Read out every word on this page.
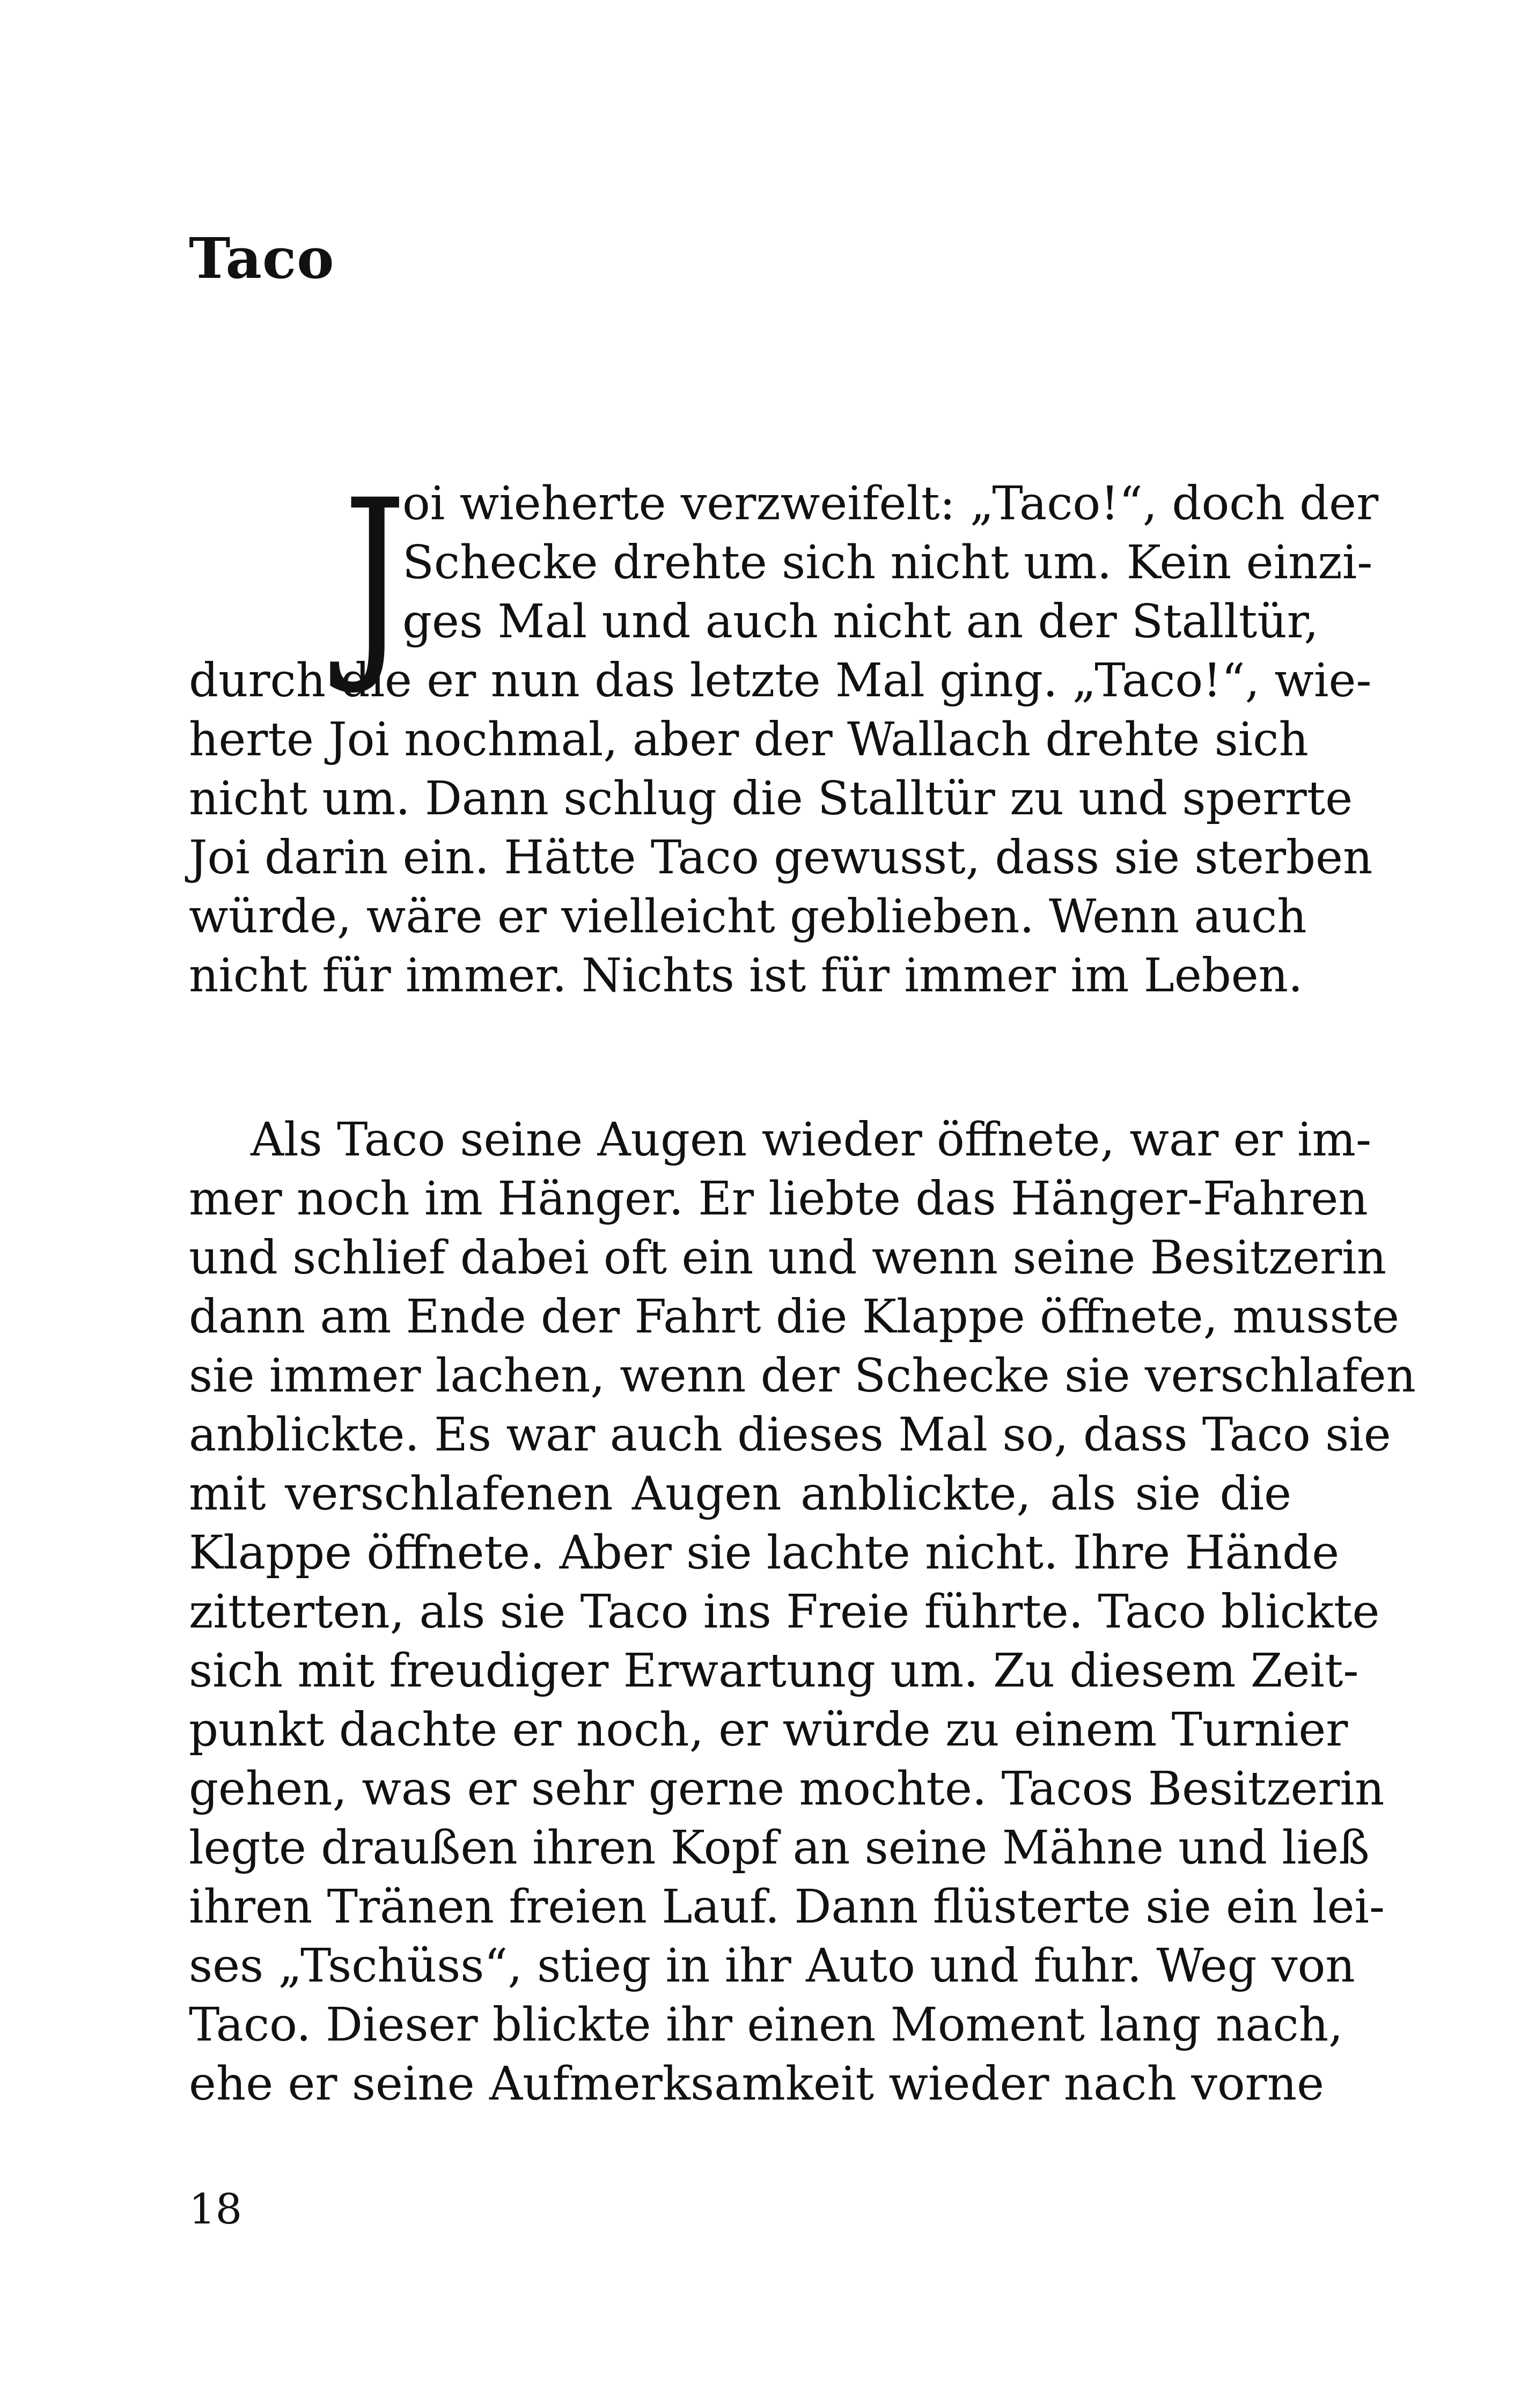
Taco
J

oi wieherte verzweifelt: „Taco!“, doch der
Schecke drehte sich nicht um. Kein einzi-
ges Mal und auch nicht an der Stalltür,
durch die er nun das letzte Mal ging. „Taco!“, wie-
herte Joi nochmal, aber der Wallach drehte sich
nicht um. Dann schlug die Stalltür zu und sperrte
Joi darin ein. Hätte Taco gewusst, dass sie sterben
würde, wäre er vielleicht geblieben. Wenn auch
nicht für immer. Nichts ist für immer im Leben.

Als Taco seine Augen wieder öffnete, war er im-
mer noch im Hänger. Er liebte das Hänger-Fahren
und schlief dabei oft ein und wenn seine Besitzerin
dann am Ende der Fahrt die Klappe öffnete, musste
sie immer lachen, wenn der Schecke sie verschlafen
anblickte. Es war auch dieses Mal so, dass Taco sie
mit verschlafenen Augen anblickte, als sie die
Klappe öffnete. Aber sie lachte nicht. Ihre Hände
zitterten, als sie Taco ins Freie führte. Taco blickte
sich mit freudiger Erwartung um. Zu diesem Zeit-
punkt dachte er noch, er würde zu einem Turnier
gehen, was er sehr gerne mochte. Tacos Besitzerin
legte draußen ihren Kopf an seine Mähne und ließ
ihren Tränen freien Lauf. Dann flüsterte sie ein lei-
ses „Tschüss“, stieg in ihr Auto und fuhr. Weg von
Taco. Dieser blickte ihr einen Moment lang nach,
ehe er seine Aufmerksamkeit wieder nach vorne

18
